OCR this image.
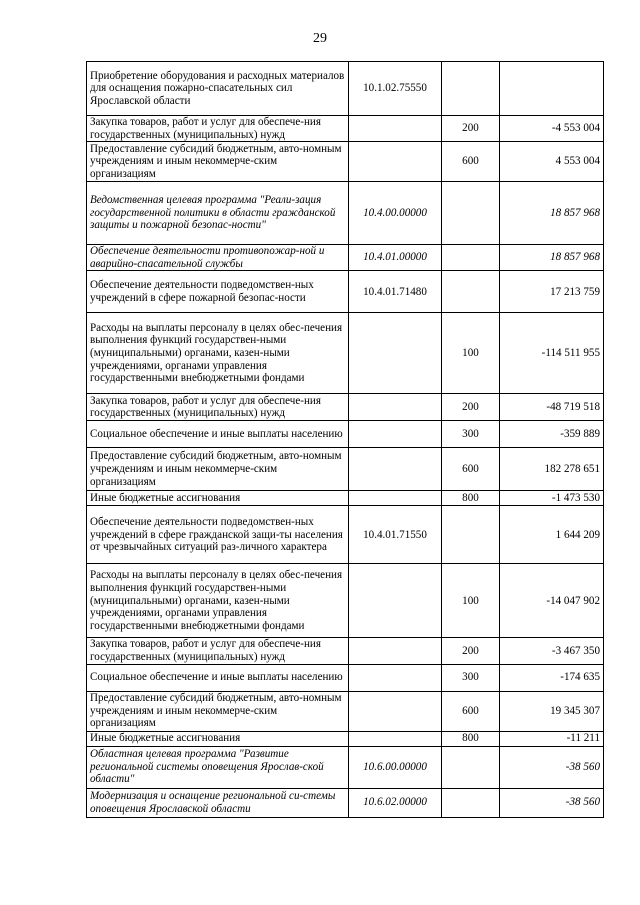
29
Приобретение оборудования и расходных материалов для оснащения пожарно-спасательных сил Ярославской области	10.1.02.75550		
Закупка товаров, работ и услуг для обеспече-ния государственных (муниципальных) нужд		200	-4 553 004
Предоставление субсидий бюджетным, авто-номным учреждениям и иным некоммерче-ским организациям		600	4 553 004
Ведомственная целевая программа "Реали-зация государственной политики в области гражданской защиты и пожарной безопас-ности"	10.4.00.00000		18 857 968
Обеспечение деятельности противопожар-ной и аварийно-спасательной службы	10.4.01.00000		18 857 968
Обеспечение деятельности подведомствен-ных учреждений в сфере пожарной безопас-ности	10.4.01.71480		17 213 759
Расходы на выплаты персоналу в целях обес-печения выполнения функций государствен-ными (муниципальными) органами, казен-ными учреждениями, органами управления государственными внебюджетными фондами		100	-114 511 955
Закупка товаров, работ и услуг для обеспече-ния государственных (муниципальных) нужд		200	-48 719 518
Социальное обеспечение и иные выплаты населению		300	-359 889
Предоставление субсидий бюджетным, авто-номным учреждениям и иным некоммерче-ским организациям		600	182 278 651
Иные бюджетные ассигнования		800	-1 473 530
Обеспечение деятельности подведомствен-ных учреждений в сфере гражданской защи-ты населения от чрезвычайных ситуаций раз-личного характера	10.4.01.71550		1 644 209
Расходы на выплаты персоналу в целях обес-печения выполнения функций государствен-ными (муниципальными) органами, казен-ными учреждениями, органами управления государственными внебюджетными фондами		100	-14 047 902
Закупка товаров, работ и услуг для обеспече-ния государственных (муниципальных) нужд		200	-3 467 350
Социальное обеспечение и иные выплаты населению		300	-174 635
Предоставление субсидий бюджетным, авто-номным учреждениям и иным некоммерче-ским организациям		600	19 345 307
Иные бюджетные ассигнования		800	-11 211
Областная целевая программа "Развитие региональной системы оповещения Ярослав-ской области"	10.6.00.00000		-38 560
Модернизация и оснащение региональной си-стемы оповещения Ярославской области	10.6.02.00000		-38 560
